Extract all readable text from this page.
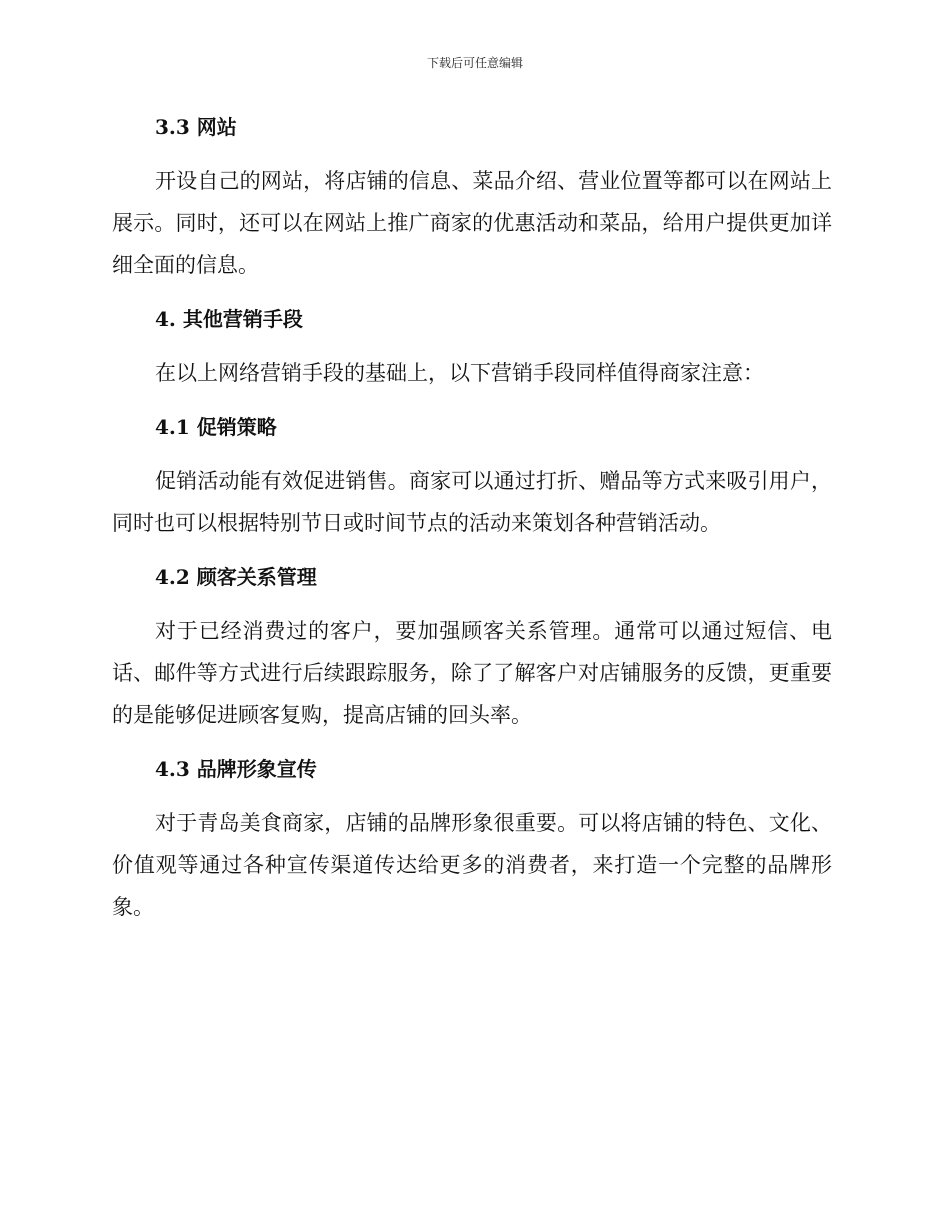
下载后可任意编辑
3.3 网站

开设自己的网站，将店铺的信息、菜品介绍、营业位置等都可以在网站上展示。同时，还可以在网站上推广商家的优惠活动和菜品，给用户提供更加详细全面的信息。

4. 其他营销手段

在以上网络营销手段的基础上，以下营销手段同样值得商家注意：

4.1 促销策略

促销活动能有效促进销售。商家可以通过打折、赠品等方式来吸引用户，同时也可以根据特别节日或时间节点的活动来策划各种营销活动。

4.2 顾客关系管理

对于已经消费过的客户，要加强顾客关系管理。通常可以通过短信、电话、邮件等方式进行后续跟踪服务，除了了解客户对店铺服务的反馈，更重要的是能够促进顾客复购，提高店铺的回头率。

4.3 品牌形象宣传

对于青岛美食商家，店铺的品牌形象很重要。可以将店铺的特色、文化、价值观等通过各种宣传渠道传达给更多的消费者，来打造一个完整的品牌形象。
